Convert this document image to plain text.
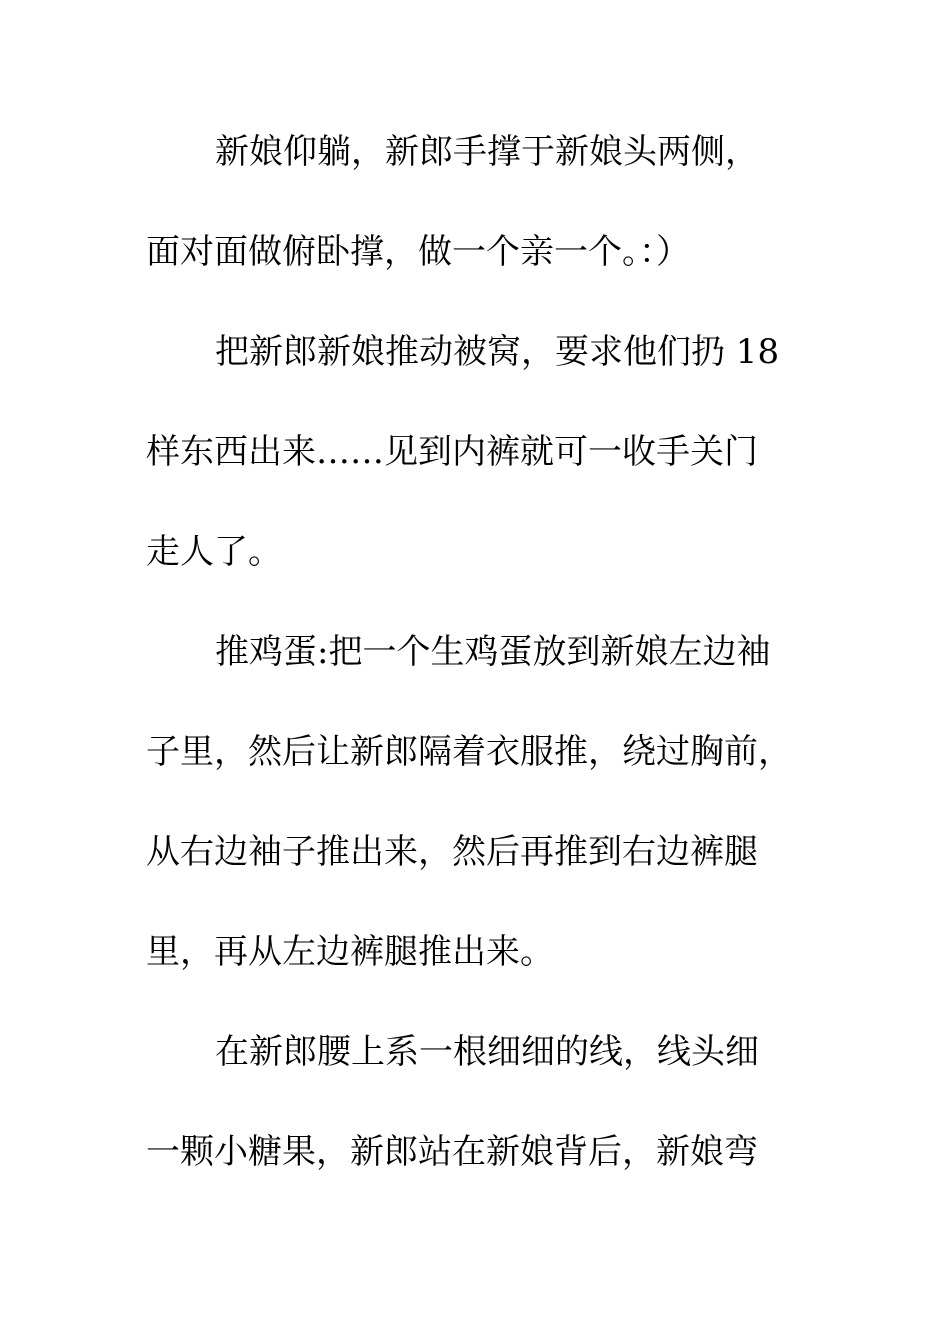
新娘仰躺，新郎手撑于新娘头两侧，
面对面做俯卧撑，做一个亲一个。：）
把新郎新娘推动被窝，要求他们扔 18
样东西出来……见到内裤就可一收手关门
走人了。
推鸡蛋:把一个生鸡蛋放到新娘左边袖
子里，然后让新郎隔着衣服推，绕过胸前，
从右边袖子推出来，然后再推到右边裤腿
里，再从左边裤腿推出来。
在新郎腰上系一根细细的线，线头细
一颗小糖果，新郎站在新娘背后，新娘弯
